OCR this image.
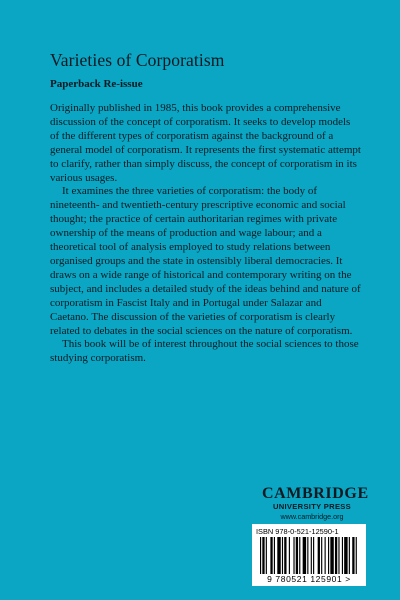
Varieties of Corporatism
Paperback Re-issue

Originally published in 1985, this book provides a comprehensive discussion of the concept of corporatism. It seeks to develop models of the different types of corporatism against the background of a general model of corporatism. It represents the first systematic attempt to clarify, rather than simply discuss, the concept of corporatism in its various usages.

It examines the three varieties of corporatism: the body of nineteenth- and twentieth-century prescriptive economic and social thought; the practice of certain authoritarian regimes with private ownership of the means of production and wage labour; and a theoretical tool of analysis employed to study relations between organised groups and the state in ostensibly liberal democracies. It draws on a wide range of historical and contemporary writing on the subject, and includes a detailed study of the ideas behind and nature of corporatism in Fascist Italy and in Portugal under Salazar and Caetano. The discussion of the varieties of corporatism is clearly related to debates in the social sciences on the nature of corporatism.

This book will be of interest throughout the social sciences to those studying corporatism.

CAMBRIDGE
UNIVERSITY PRESS
www.cambridge.org
ISBN 978-0-521-12590-1
9 780521 125901 >
